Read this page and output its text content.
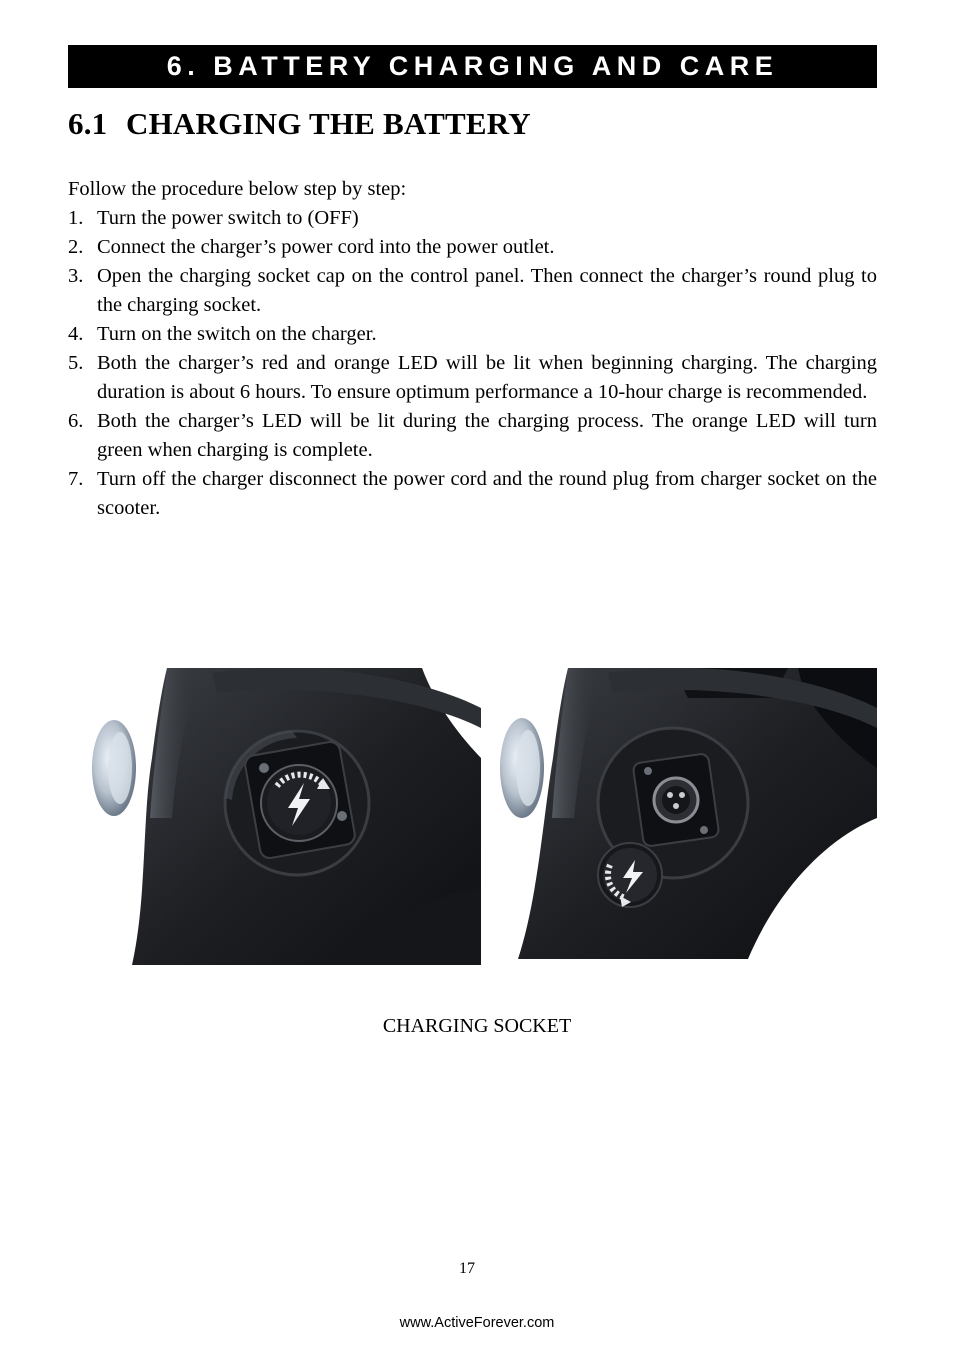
6. BATTERY CHARGING AND CARE
6.1 CHARGING THE BATTERY

Follow the procedure below step by step:

1. Turn the power switch to (OFF)
2. Connect the charger’s power cord into the power outlet.
3. Open the charging socket cap on the control panel. Then connect the charger’s round plug to the charging socket.
4. Turn on the switch on the charger.
5. Both the charger’s red and orange LED will be lit when beginning charging. The charging duration is about 6 hours. To ensure optimum performance a 10-hour charge is recommended.
6. Both the charger’s LED will be lit during the charging process. The orange LED will turn green when charging is complete.
7. Turn off the charger disconnect the power cord and the round plug from charger socket on the scooter.

CHARGING SOCKET

17
www.ActiveForever.com
